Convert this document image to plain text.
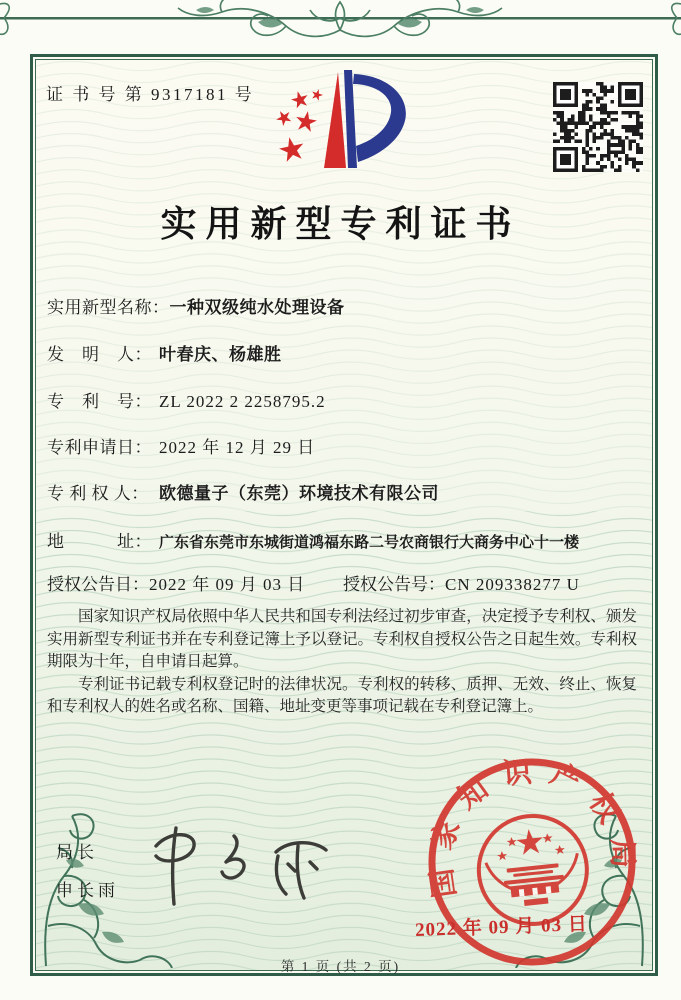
证 书 号 第 9317181 号
实用新型专利证书
实用新型名称：一种双级纯水处理设备
发　明　人： 叶春庆、杨雄胜
专　利　号： ZL 2022 2 2258795.2
专利申请日： 2022 年 12 月 29 日
专 利 权 人： 欧德量子（东莞）环境技术有限公司
地　　　址： 广东省东莞市东城街道鸿福东路二号农商银行大商务中心十一楼
授权公告日：2022 年 09 月 03 日 授权公告号：CN 209338277 U

国家知识产权局依照中华人民共和国专利法经过初步审查，决定授予专利权、颁发实用新型专利证书并在专利登记簿上予以登记。专利权自授权公告之日起生效。专利权期限为十年，自申请日起算。

专利证书记载专利权登记时的法律状况。专利权的转移、质押、无效、终止、恢复和专利权人的姓名或名称、国籍、地址变更等事项记载在专利登记簿上。

局长
申长雨	国家知识产权局
2022 年 09 月 03 日
第 1 页 (共 2 页)
